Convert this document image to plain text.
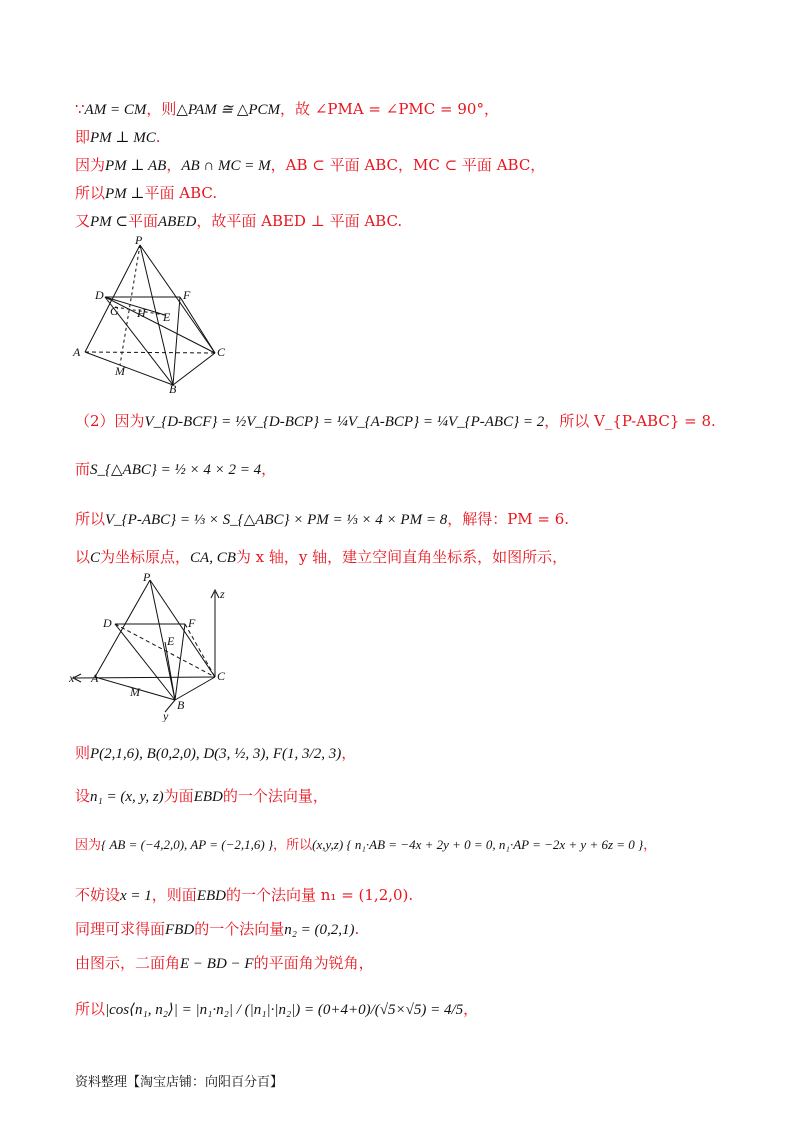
∵AM = CM，则△PAM ≅ △PCM，故 ∠PMA = ∠PMC = 90°，
即PM ⊥ MC.
因为PM ⊥ AB，AB ∩ MC = M，AB ⊂ 平面 ABC，MC ⊂ 平面 ABC，
所以PM ⊥平面 ABC.
又PM ⊂平面ABED，故平面 ABED ⊥ 平面 ABC.
P
D	F
G H E
A	C
M
B
（2）因为V_{D-BCF} = ½V_{D-BCP} = ¼V_{A-BCP} = ¼V_{P-ABC} = 2，所以 V_{P-ABC} = 8.
而S_{△ABC} = ½ × 4 × 2 = 4，
所以V_{P-ABC} = ⅓ × S_{△ABC} × PM = ⅓ × 4 × PM = 8，解得：PM = 6.
以C为坐标原点，CA, CB为 x 轴，y 轴，建立空间直角坐标系，如图所示，
P
D	F
E
A	C
M
B
x
y
z
则P(2,1,6), B(0,2,0), D(3, ½, 3), F(1, 3/2, 3)，
设n₁ = (x, y, z)为面EBD的一个法向量，
因为{ AB = (−4,2,0), AP = (−2,1,6) }，所以(x,y,z) { n₁·AB = −4x + 2y + 0 = 0, n₁·AP = −2x + y + 6z = 0 }，
不妨设x = 1，则面EBD的一个法向量 n₁ = (1,2,0).
同理可求得面FBD的一个法向量n₂ = (0,2,1).
由图示，二面角E − BD − F的平面角为锐角，
所以|cos⟨n₁, n₂⟩| = |n₁·n₂| / (|n₁|·|n₂|) = (0+4+0)/(√5×√5) = 4/5，
资料整理【淘宝店铺：向阳百分百】
